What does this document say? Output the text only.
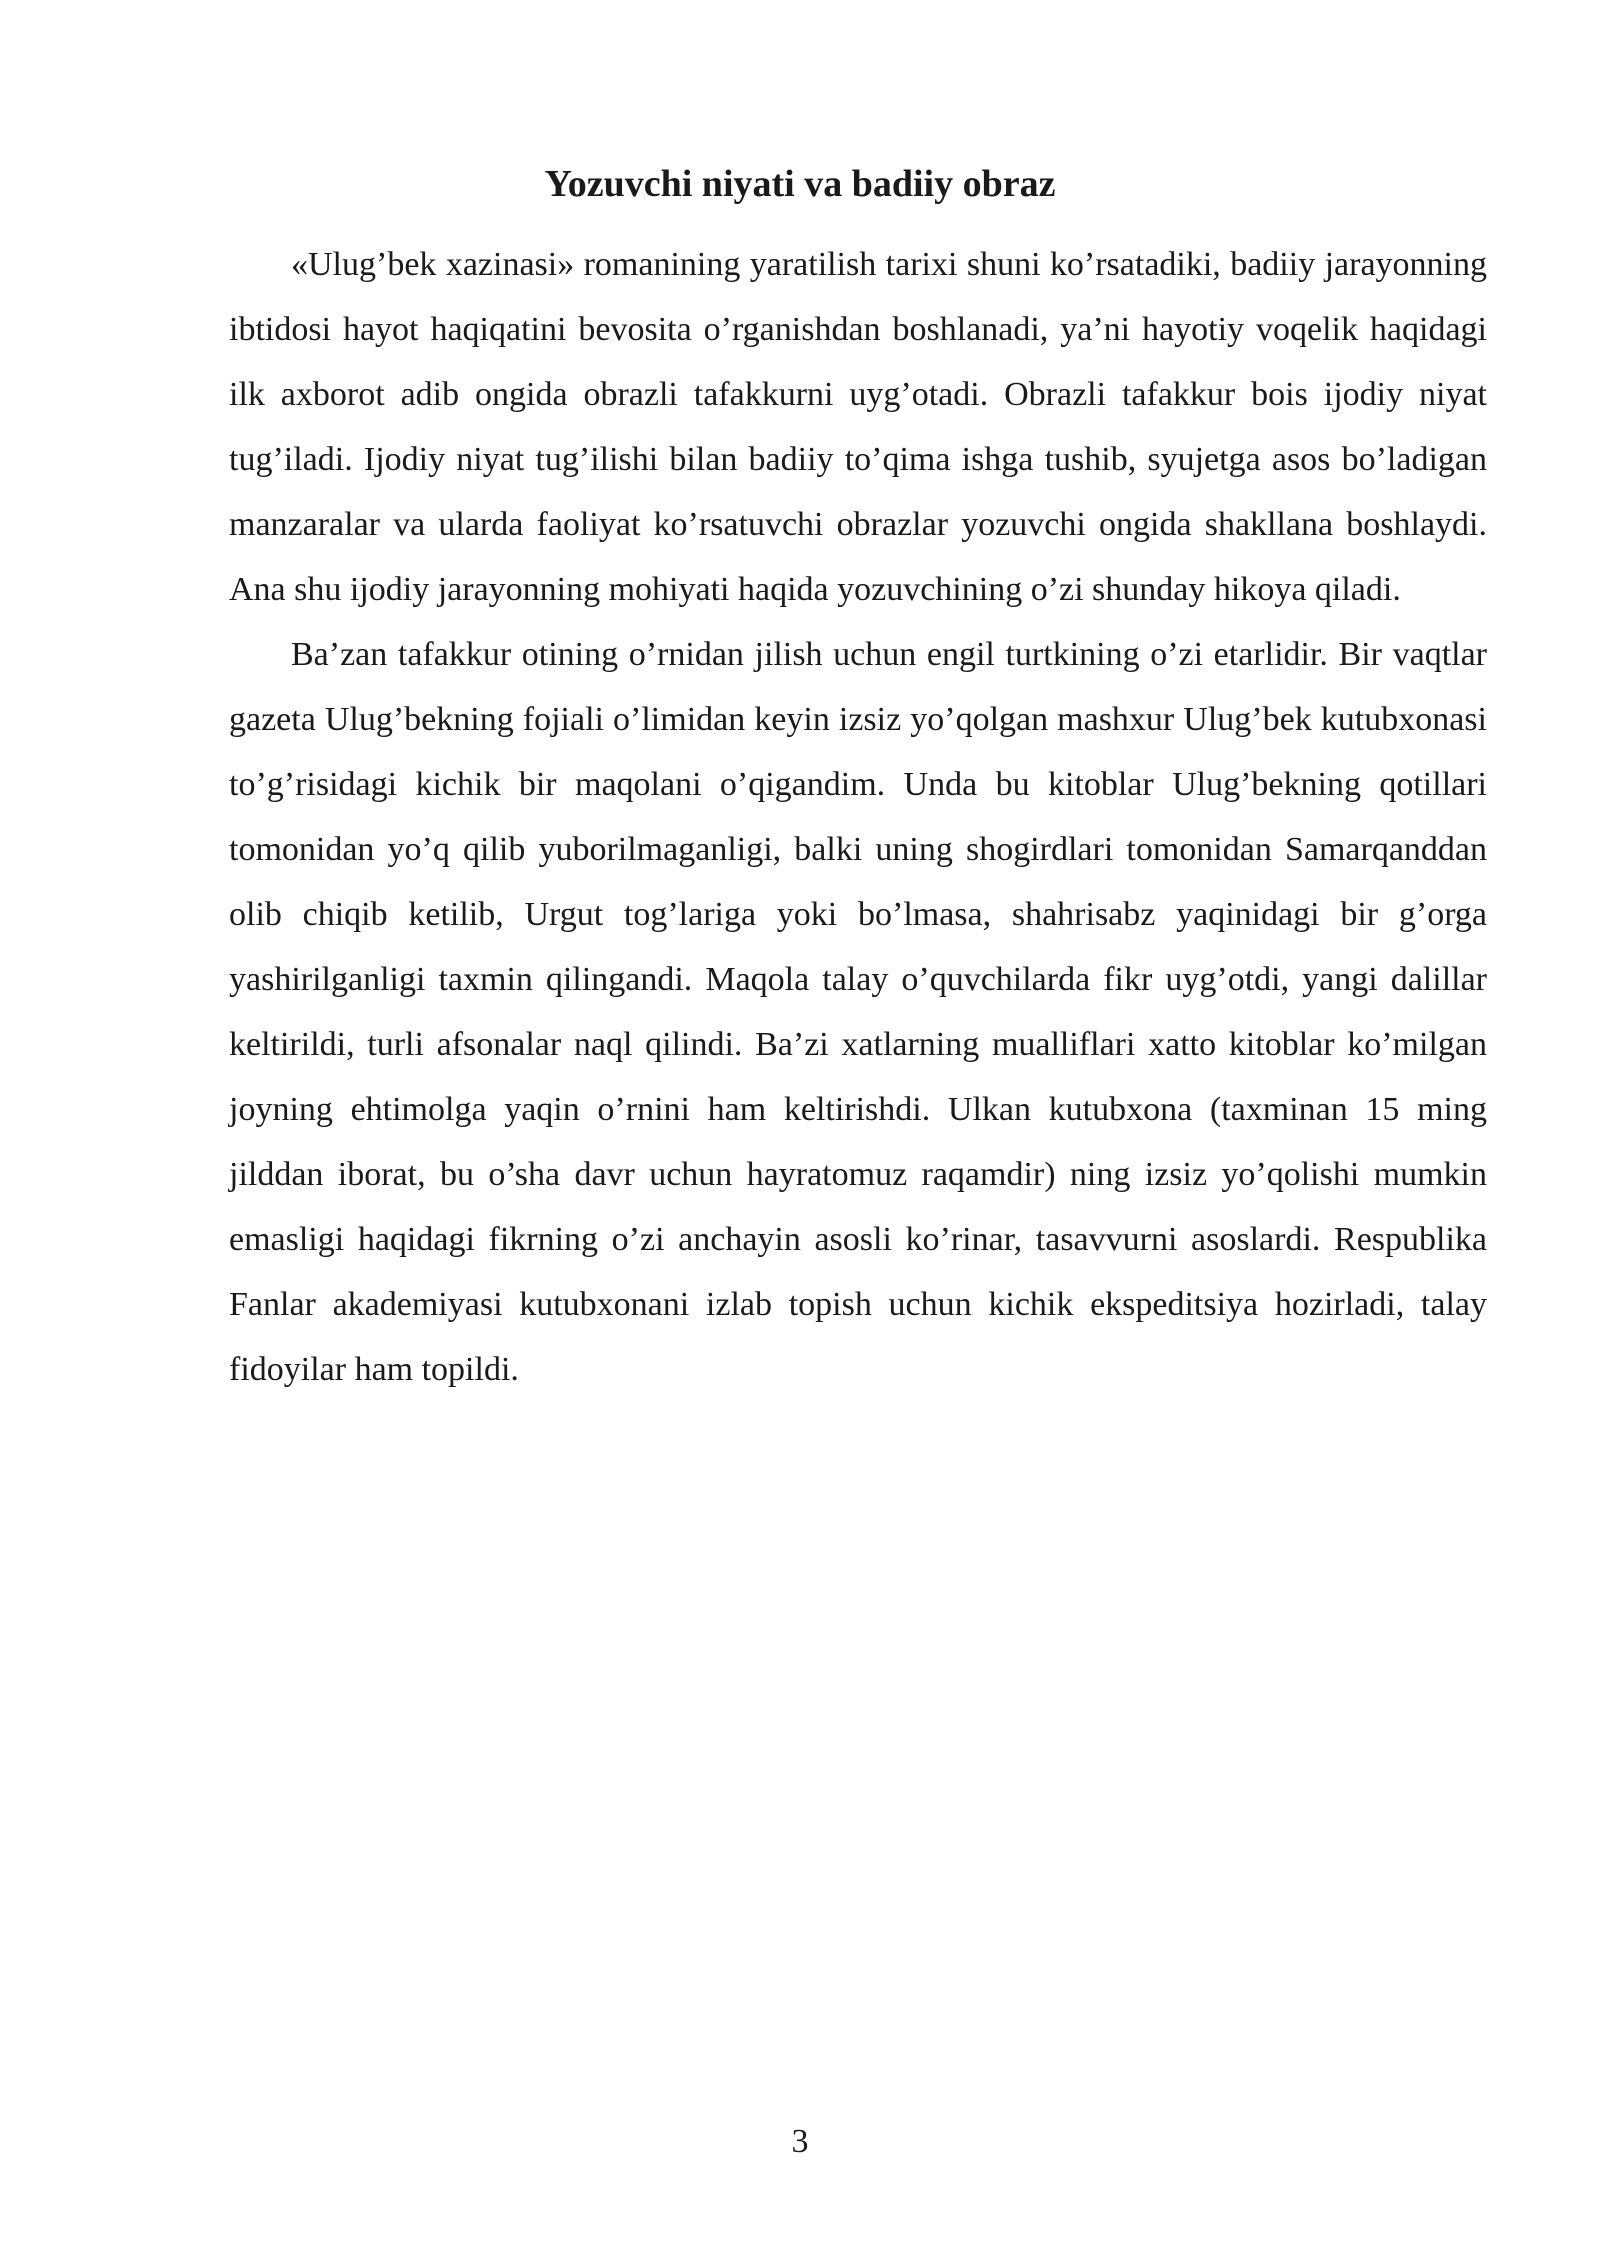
Yozuvchi niyati va badiiy obraz

«Ulug’bek xazinasi» romanining yaratilish tarixi shuni ko’rsatadiki, badiiy jarayonning ibtidosi hayot haqiqatini bevosita o’rganishdan boshlanadi, ya’ni hayotiy voqelik haqidagi ilk axborot adib ongida obrazli tafakkurni uyg’otadi. Obrazli tafakkur bois ijodiy niyat tug’iladi. Ijodiy niyat tug’ilishi bilan badiiy to’qima ishga tushib, syujetga asos bo’ladigan manzaralar va ularda faoliyat ko’rsatuvchi obrazlar yozuvchi ongida shakllana boshlaydi. Ana shu ijodiy jarayonning mohiyati haqida yozuvchining o’zi shunday hikoya qiladi.

Ba’zan tafakkur otining o’rnidan jilish uchun engil turtkining o’zi etarlidir. Bir vaqtlar gazeta Ulug’bekning fojiali o’limidan keyin izsiz yo’qolgan mashxur Ulug’bek kutubxonasi to’g’risidagi kichik bir maqolani o’qigandim. Unda bu kitoblar Ulug’bekning qotillari tomonidan yo’q qilib yuborilmaganligi, balki uning shogirdlari tomonidan Samarqanddan olib chiqib ketilib, Urgut tog’lariga yoki bo’lmasa, shahrisabz yaqinidagi bir g’orga yashirilganligi taxmin qilingandi. Maqola talay o’quvchilarda fikr uyg’otdi, yangi dalillar keltirildi, turli afsonalar naql qilindi. Ba’zi xatlarning mualliflari xatto kitoblar ko’milgan joyning ehtimolga yaqin o’rnini ham keltirishdi. Ulkan kutubxona (taxminan 15 ming jilddan iborat, bu o’sha davr uchun hayratomuz raqamdir) ning izsiz yo’qolishi mumkin emasligi haqidagi fikrning o’zi anchayin asosli ko’rinar, tasavvurni asoslardi. Respublika Fanlar akademiyasi kutubxonani izlab topish uchun kichik ekspeditsiya hozirladi, talay fidoyilar ham topildi.

3
